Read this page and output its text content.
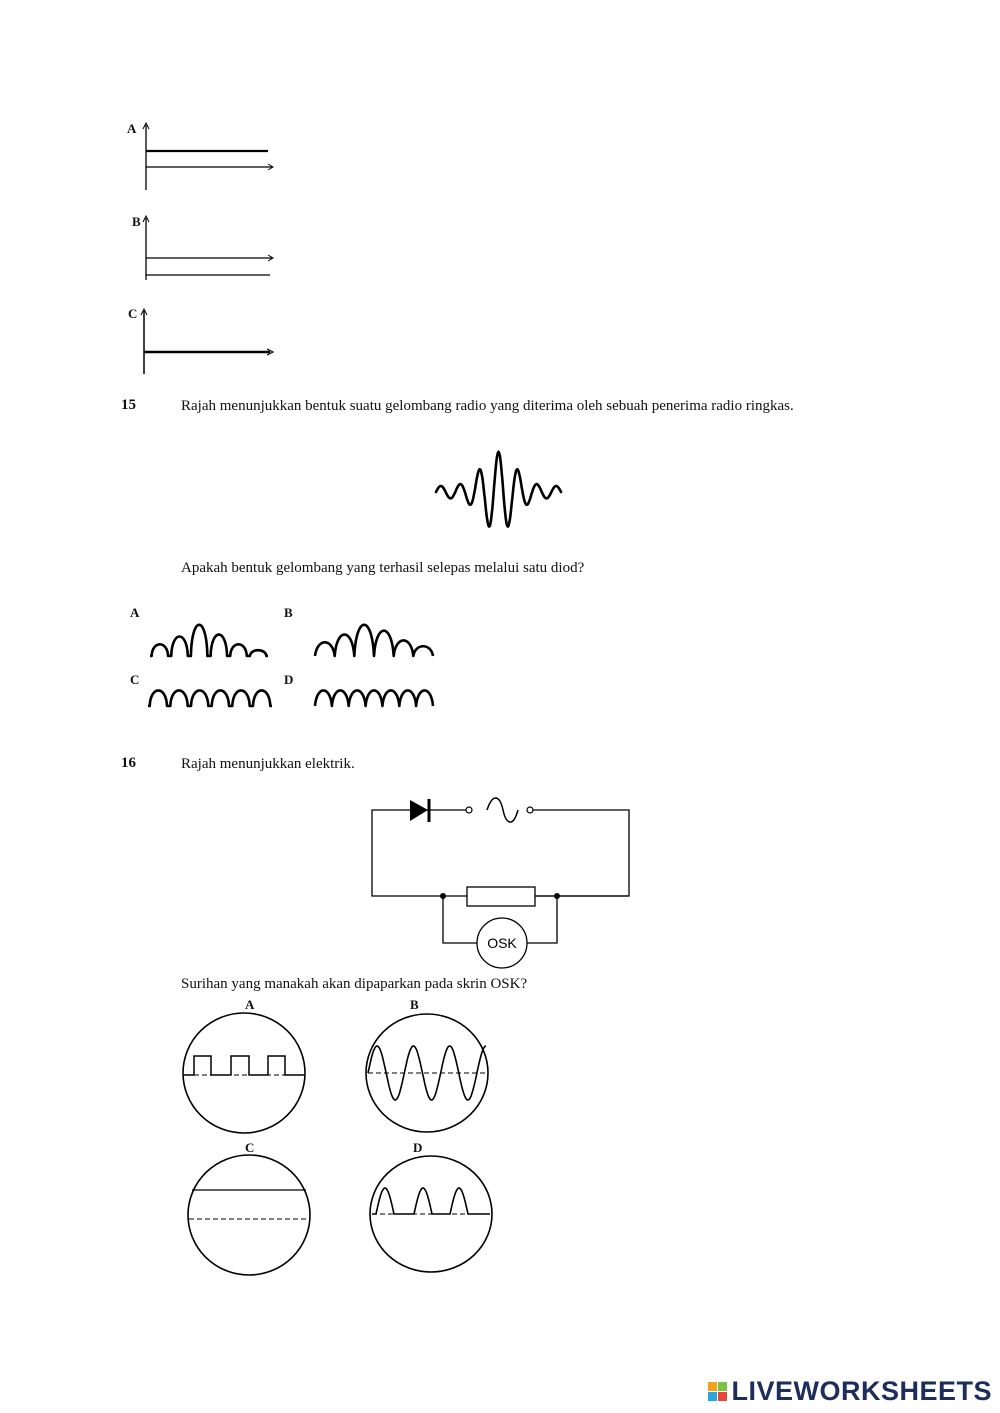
A
B
C
15	Rajah menunjukkan bentuk suatu gelombang radio yang diterima oleh sebuah penerima radio ringkas.
Apakah bentuk gelombang yang terhasil selepas melalui satu diod?
A	B
C	D
16	Rajah menunjukkan elektrik.
OSK
Surihan yang manakah akan dipaparkan pada skrin OSK?
A	B
C	D
LIVEWORKSHEETS
